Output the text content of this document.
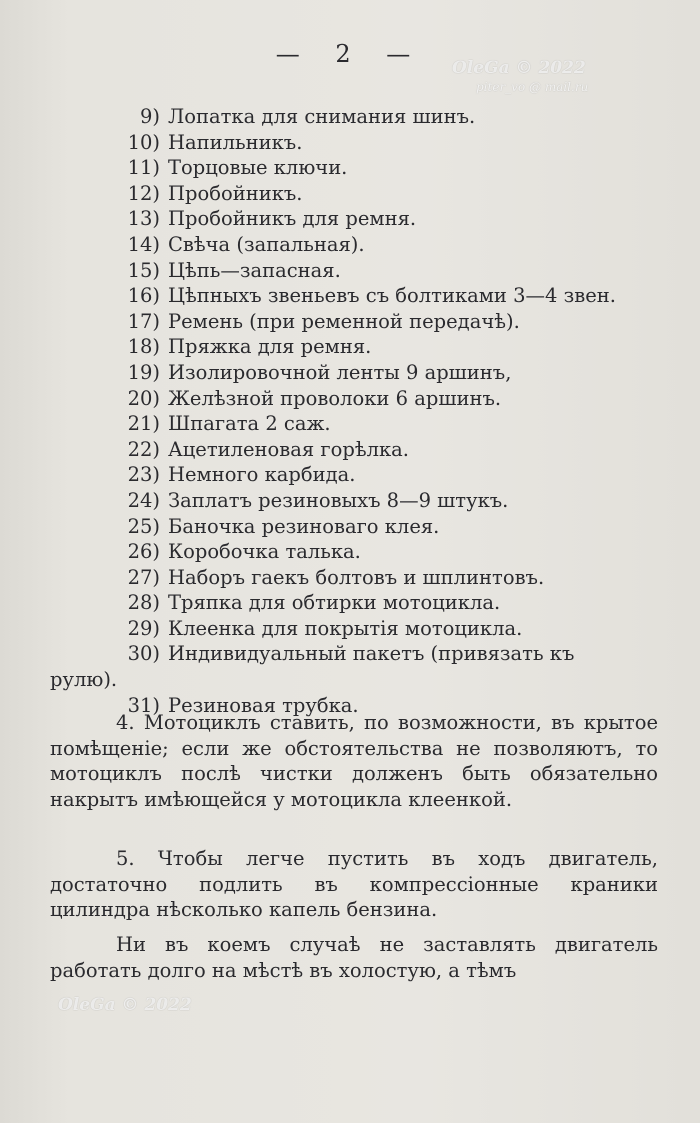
— 2 —	OleGa © 2022
piter_vo @ mail.ru
9) Лопатка для снимания шинъ.
10) Напильникъ.
11) Торцовые ключи.
12) Пробойникъ.
13) Пробойникъ для ремня.
14) Свѣча (запальная).
15) Цѣпь—запасная.
16) Цѣпныхъ звеньевъ съ болтиками 3—4 звен.
17) Ремень (при ременной передачѣ).
18) Пряжка для ремня.
19) Изолировочной ленты 9 аршинъ,
20) Желѣзной проволоки 6 аршинъ.
21) Шпагата 2 саж.
22) Ацетиленовая горѣлка.
23) Немного карбида.
24) Заплатъ резиновыхъ 8—9 штукъ.
25) Баночка резиноваго клея.
26) Коробочка талька.
27) Наборъ гаекъ болтовъ и шплинтовъ.
28) Тряпка для обтирки мотоцикла.
29) Клеенка для покрытія мотоцикла.
30) Индивидуальный пакетъ (привязать къ
рулю).
31) Резиновая трубка.

4. Мотоциклъ ставить, по возможности, въ крытое помѣщеніе; если же обстоятельства не позволяютъ, то мотоциклъ послѣ чистки долженъ быть обязательно накрытъ имѣющейся у мотоцикла клеенкой.

5. Чтобы легче пустить въ ходъ двигатель, достаточно подлить въ компрессіонные краники цилиндра нѣсколько капель бензина.

Ни въ коемъ случаѣ не заставлять двигатель работать долго на мѣстѣ въ холостую, а тѣмъ

OleGa © 2022
